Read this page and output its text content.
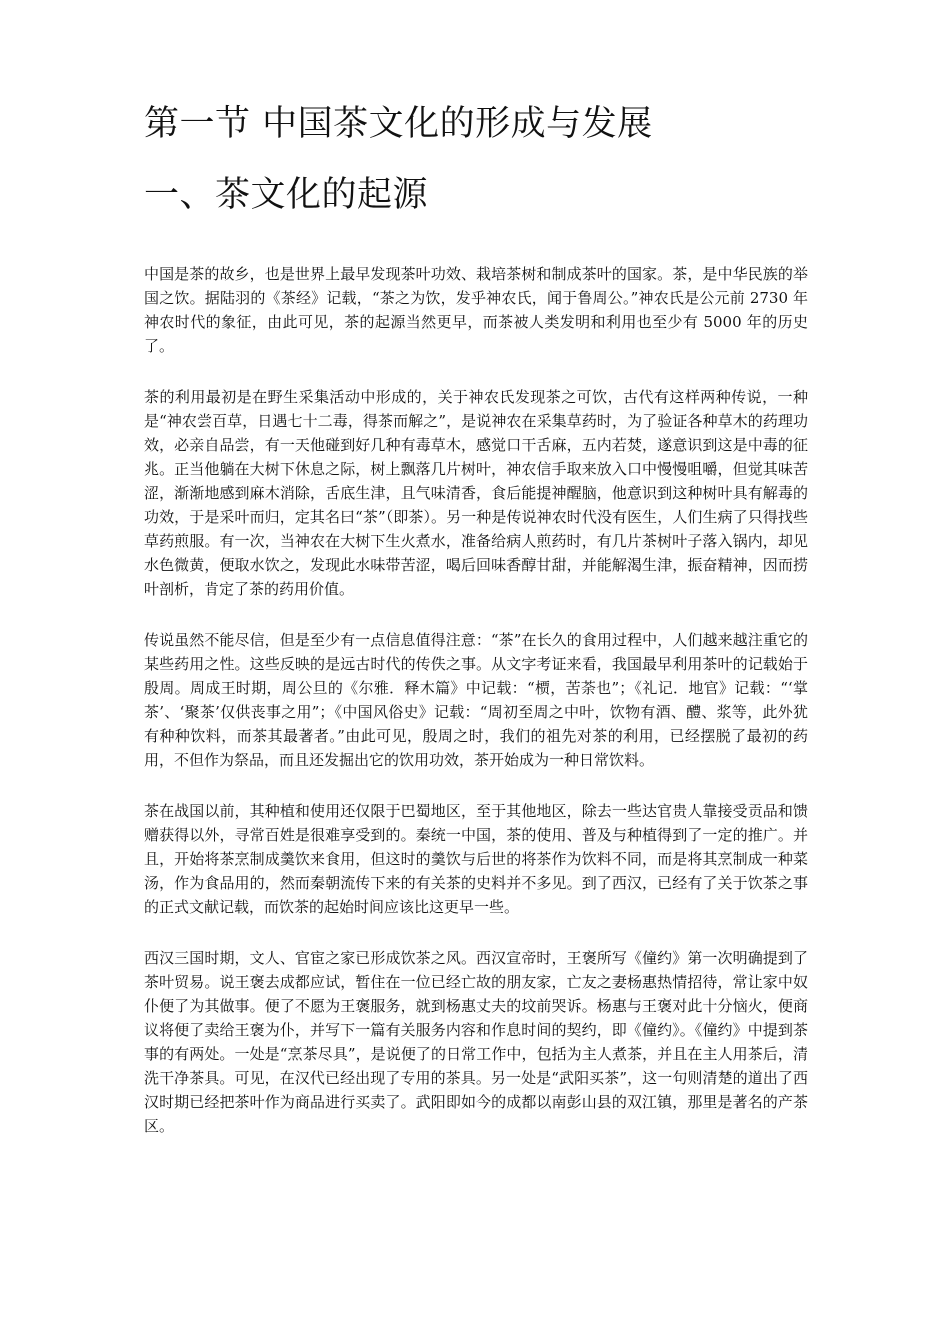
第一节 中国茶文化的形成与发展
一、茶文化的起源

中国是茶的故乡，也是世界上最早发现茶叶功效、栽培茶树和制成茶叶的国家。茶，是中华民族的举国之饮。据陆羽的《茶经》记载，“茶之为饮，发乎神农氏，闻于鲁周公。”神农氏是公元前 2730 年神农时代的象征，由此可见，茶的起源当然更早，而茶被人类发明和利用也至少有 5000 年的历史了。

茶的利用最初是在野生采集活动中形成的，关于神农氏发现茶之可饮，古代有这样两种传说，一种是“神农尝百草，日遇七十二毒，得茶而解之”，是说神农在采集草药时，为了验证各种草木的药理功效，必亲自品尝，有一天他碰到好几种有毒草木，感觉口干舌麻，五内若焚，遂意识到这是中毒的征兆。正当他躺在大树下休息之际，树上飘落几片树叶，神农信手取来放入口中慢慢咀嚼，但觉其味苦涩，渐渐地感到麻木消除，舌底生津，且气味清香，食后能提神醒脑，他意识到这种树叶具有解毒的功效，于是采叶而归，定其名曰“茶”（即茶）。另一种是传说神农时代没有医生，人们生病了只得找些草药煎服。有一次，当神农在大树下生火煮水，准备给病人煎药时，有几片茶树叶子落入锅内，却见水色微黄，便取水饮之，发现此水味带苦涩，喝后回味香醇甘甜，并能解渴生津，振奋精神，因而捞叶剖析，肯定了茶的药用价值。

传说虽然不能尽信，但是至少有一点信息值得注意：“茶”在长久的食用过程中，人们越来越注重它的某些药用之性。这些反映的是远古时代的传佚之事。从文字考证来看，我国最早利用茶叶的记载始于殷周。周成王时期，周公旦的《尔雅．释木篇》中记载：“槚，苦荼也”；《礼记．地官》记载：“‘掌茶’、‘聚茶’仅供丧事之用”；《中国风俗史》记载：“周初至周之中叶，饮物有酒、醴、浆等，此外犹有种种饮料，而茶其最著者。”由此可见，殷周之时，我们的祖先对茶的利用，已经摆脱了最初的药用，不但作为祭品，而且还发掘出它的饮用功效，茶开始成为一种日常饮料。

茶在战国以前，其种植和使用还仅限于巴蜀地区，至于其他地区，除去一些达官贵人靠接受贡品和馈赠获得以外，寻常百姓是很难享受到的。秦统一中国，茶的使用、普及与种植得到了一定的推广。并且，开始将茶烹制成羹饮来食用，但这时的羹饮与后世的将茶作为饮料不同，而是将其烹制成一种菜汤，作为食品用的，然而秦朝流传下来的有关茶的史料并不多见。到了西汉，已经有了关于饮茶之事的正式文献记载，而饮茶的起始时间应该比这更早一些。

西汉三国时期，文人、官宦之家已形成饮茶之风。西汉宣帝时，王褒所写《僮约》第一次明确提到了茶叶贸易。说王褒去成都应试，暂住在一位已经亡故的朋友家，亡友之妻杨惠热情招待，常让家中奴仆便了为其做事。便了不愿为王褒服务，就到杨惠丈夫的坟前哭诉。杨惠与王褒对此十分恼火，便商议将便了卖给王褒为仆，并写下一篇有关服务内容和作息时间的契约，即《僮约》。《僮约》中提到茶事的有两处。一处是“烹茶尽具”，是说便了的日常工作中，包括为主人煮茶，并且在主人用茶后，清洗干净茶具。可见，在汉代已经出现了专用的茶具。另一处是“武阳买茶”，这一句则清楚的道出了西汉时期已经把茶叶作为商品进行买卖了。武阳即如今的成都以南彭山县的双江镇，那里是著名的产茶区。
